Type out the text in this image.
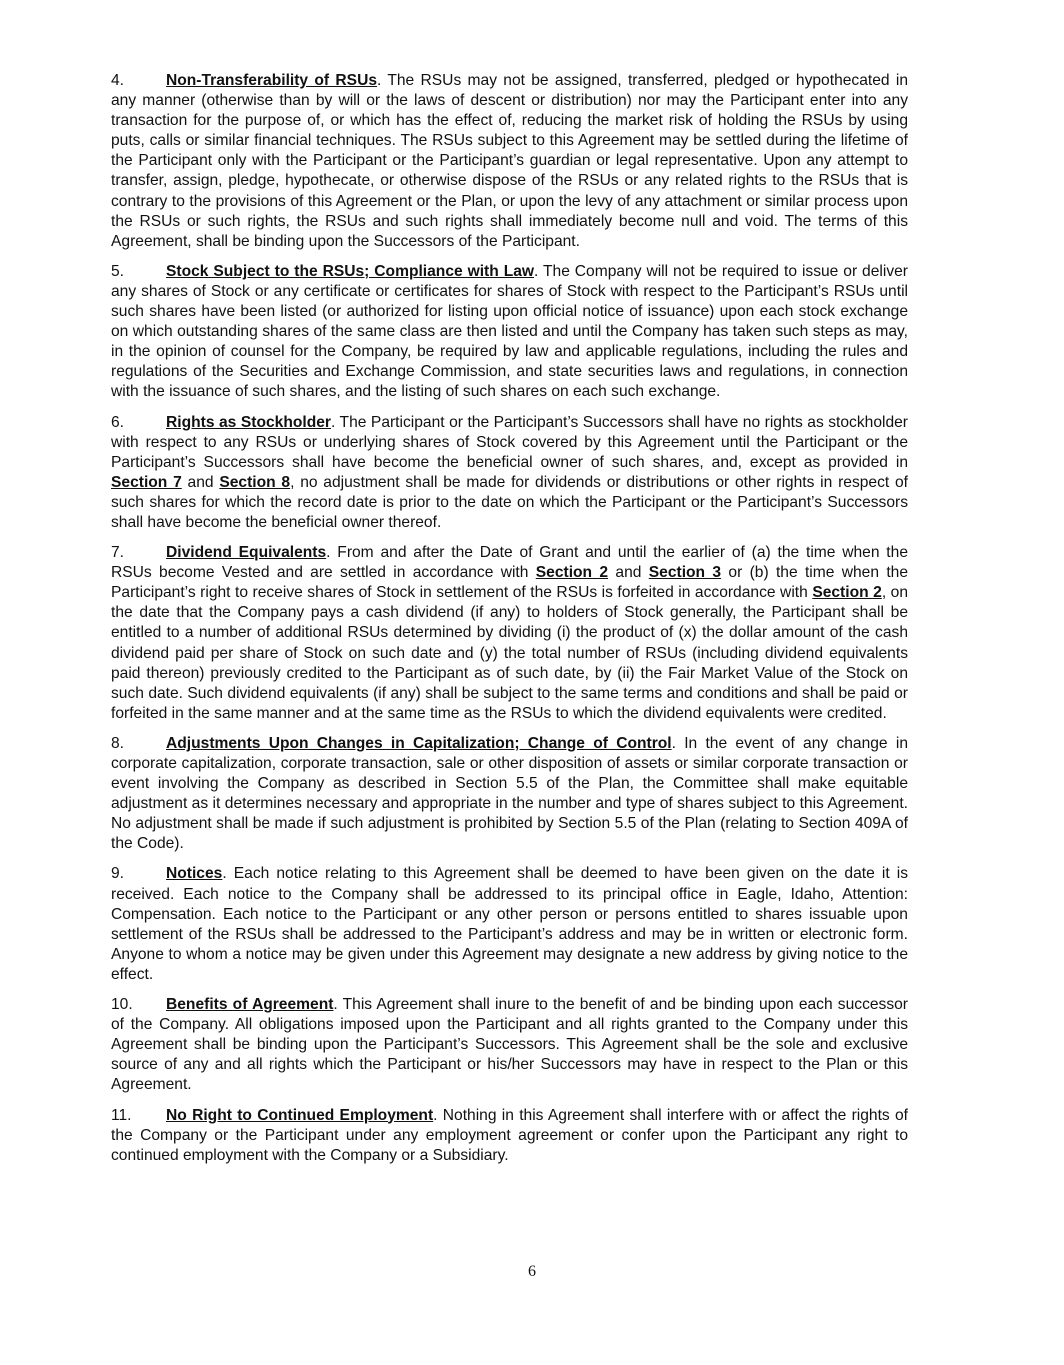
4.	Non-Transferability of RSUs. The RSUs may not be assigned, transferred, pledged or hypothecated in any manner (otherwise than by will or the laws of descent or distribution) nor may the Participant enter into any transaction for the purpose of, or which has the effect of, reducing the market risk of holding the RSUs by using puts, calls or similar financial techniques. The RSUs subject to this Agreement may be settled during the lifetime of the Participant only with the Participant or the Participant’s guardian or legal representative. Upon any attempt to transfer, assign, pledge, hypothecate, or otherwise dispose of the RSUs or any related rights to the RSUs that is contrary to the provisions of this Agreement or the Plan, or upon the levy of any attachment or similar process upon the RSUs or such rights, the RSUs and such rights shall immediately become null and void. The terms of this Agreement, shall be binding upon the Successors of the Participant.

5.	Stock Subject to the RSUs; Compliance with Law. The Company will not be required to issue or deliver any shares of Stock or any certificate or certificates for shares of Stock with respect to the Participant’s RSUs until such shares have been listed (or authorized for listing upon official notice of issuance) upon each stock exchange on which outstanding shares of the same class are then listed and until the Company has taken such steps as may, in the opinion of counsel for the Company, be required by law and applicable regulations, including the rules and regulations of the Securities and Exchange Commission, and state securities laws and regulations, in connection with the issuance of such shares, and the listing of such shares on each such exchange.

6.	Rights as Stockholder. The Participant or the Participant’s Successors shall have no rights as stockholder with respect to any RSUs or underlying shares of Stock covered by this Agreement until the Participant or the Participant’s Successors shall have become the beneficial owner of such shares, and, except as provided in Section 7 and Section 8, no adjustment shall be made for dividends or distributions or other rights in respect of such shares for which the record date is prior to the date on which the Participant or the Participant’s Successors shall have become the beneficial owner thereof.

7.	Dividend Equivalents. From and after the Date of Grant and until the earlier of (a) the time when the RSUs become Vested and are settled in accordance with Section 2 and Section 3 or (b) the time when the Participant’s right to receive shares of Stock in settlement of the RSUs is forfeited in accordance with Section 2, on the date that the Company pays a cash dividend (if any) to holders of Stock generally, the Participant shall be entitled to a number of additional RSUs determined by dividing (i) the product of (x) the dollar amount of the cash dividend paid per share of Stock on such date and (y) the total number of RSUs (including dividend equivalents paid thereon) previously credited to the Participant as of such date, by (ii) the Fair Market Value of the Stock on such date. Such dividend equivalents (if any) shall be subject to the same terms and conditions and shall be paid or forfeited in the same manner and at the same time as the RSUs to which the dividend equivalents were credited.

8.	Adjustments Upon Changes in Capitalization; Change of Control. In the event of any change in corporate capitalization, corporate transaction, sale or other disposition of assets or similar corporate transaction or event involving the Company as described in Section 5.5 of the Plan, the Committee shall make equitable adjustment as it determines necessary and appropriate in the number and type of shares subject to this Agreement. No adjustment shall be made if such adjustment is prohibited by Section 5.5 of the Plan (relating to Section 409A of the Code).

9.	Notices. Each notice relating to this Agreement shall be deemed to have been given on the date it is received. Each notice to the Company shall be addressed to its principal office in Eagle, Idaho, Attention: Compensation. Each notice to the Participant or any other person or persons entitled to shares issuable upon settlement of the RSUs shall be addressed to the Participant’s address and may be in written or electronic form. Anyone to whom a notice may be given under this Agreement may designate a new address by giving notice to the effect.

10. Benefits of Agreement. This Agreement shall inure to the benefit of and be binding upon each successor of the Company. All obligations imposed upon the Participant and all rights granted to the Company under this Agreement shall be binding upon the Participant’s Successors. This Agreement shall be the sole and exclusive source of any and all rights which the Participant or his/her Successors may have in respect to the Plan or this Agreement.

11. No Right to Continued Employment. Nothing in this Agreement shall interfere with or affect the rights of the Company or the Participant under any employment agreement or confer upon the Participant any right to continued employment with the Company or a Subsidiary.

6
